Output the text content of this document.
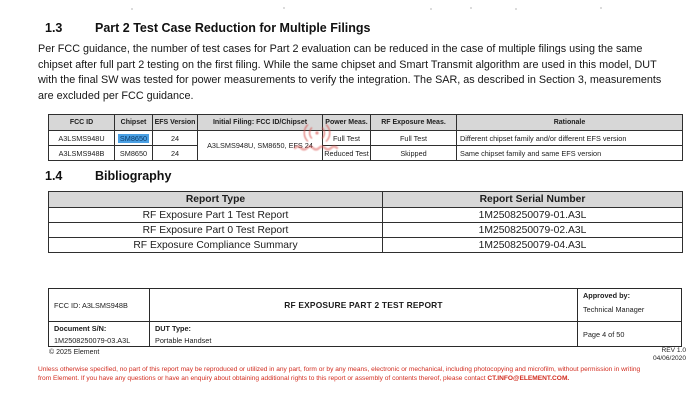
1.3	Part 2 Test Case Reduction for Multiple Filings
Per FCC guidance, the number of test cases for Part 2 evaluation can be reduced in the case of multiple filings using the same chipset after full part 2 testing on the first filing. While the same chipset and Smart Transmit algorithm are used in this model, DUT with the final SW was tested for power measurements to verify the integration. The SAR, as described in Section 3, measurements are excluded per FCC guidance.
FCC ID	Chipset	EFS Version	Initial Filing: FCC ID/Chipset	Power Meas.	RF Exposure Meas.	Rationale
A3LSMS948U	SM8650	24	A3LSMS948U, SM8650, EFS 24	Full Test	Full Test	Different chipset family and/or different EFS version
A3LSMS948B	SM8650	24		Reduced Test	Skipped	Same chipset family and same EFS version
1.4	Bibliography
Report Type	Report Serial Number
RF Exposure Part 1 Test Report	1M2508250079-01.A3L
RF Exposure Part 0 Test Report	1M2508250079-02.A3L
RF Exposure Compliance Summary	1M2508250079-04.A3L
FCC ID: A3LSMS948B	RF EXPOSURE PART 2 TEST REPORT
Approved by:
Technical Manager
Document S/N:
1M2508250079-03.A3L
DUT Type:
Portable Handset
Page 4 of 50
© 2025 Element	REV 1.0
04/06/2020
Unless otherwise specified, no part of this report may be reproduced or utilized in any part, form or by any means, electronic or mechanical, including photocopying and microfilm, without permission in writing
from Element. If you have any questions or have an enquiry about obtaining additional rights to this report or assembly of contents thereof, please contact CT.INFO@ELEMENT.COM.
